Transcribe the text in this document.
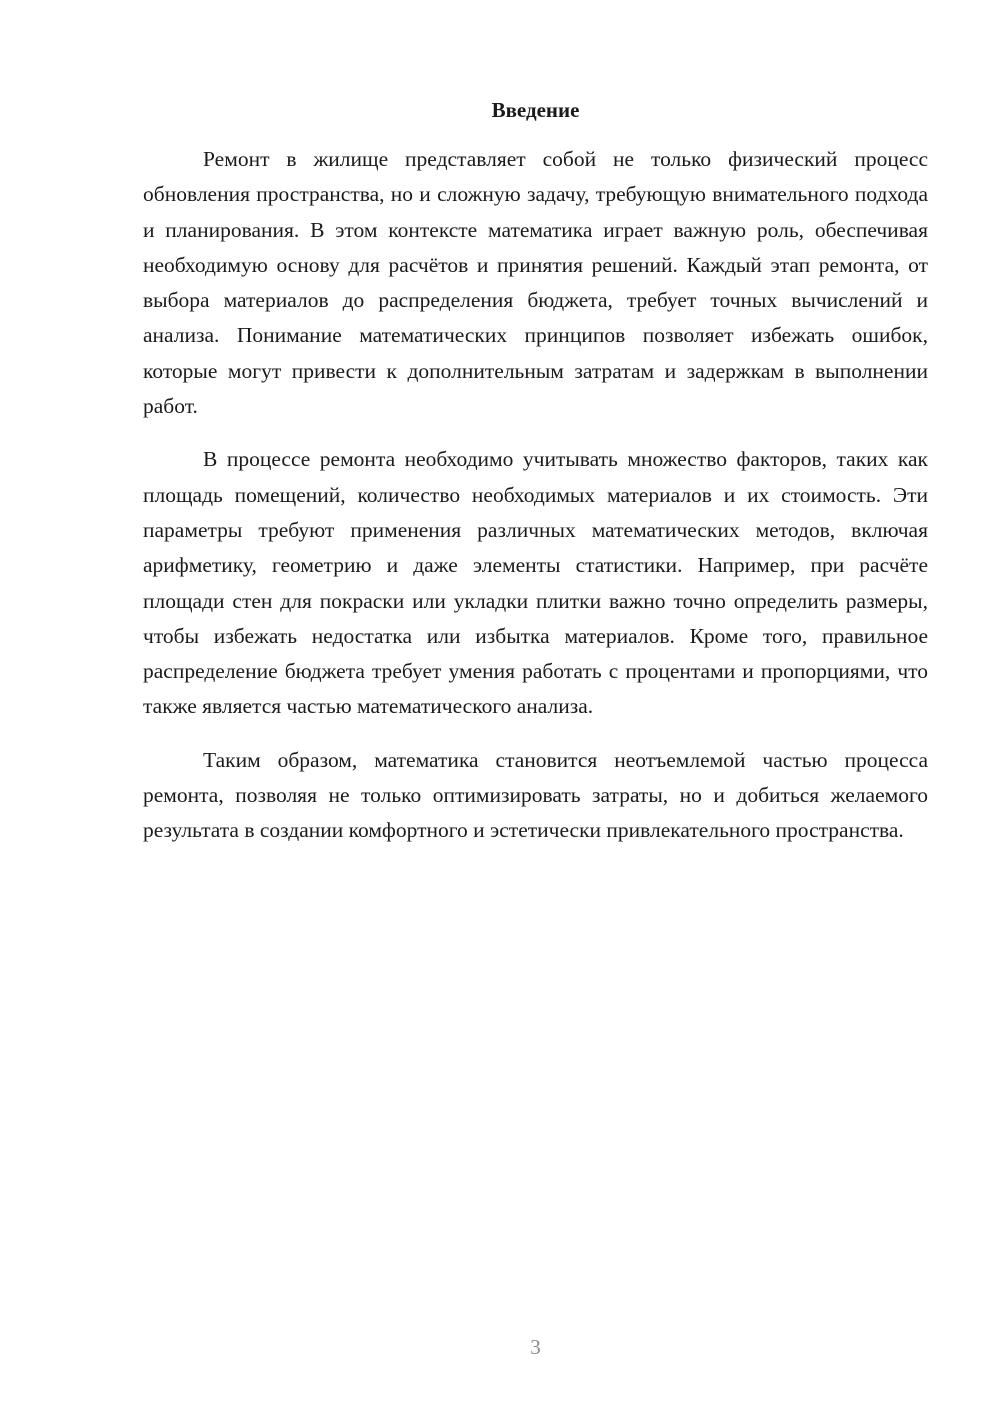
Введение

Ремонт в жилище представляет собой не только физический процесс обновления пространства, но и сложную задачу, требующую внимательного подхода и планирования. В этом контексте математика играет важную роль, обеспечивая необходимую основу для расчётов и принятия решений. Каждый этап ремонта, от выбора материалов до распределения бюджета, требует точных вычислений и анализа. Понимание математических принципов позволяет избежать ошибок, которые могут привести к дополнительным затратам и задержкам в выполнении работ.

В процессе ремонта необходимо учитывать множество факторов, таких как площадь помещений, количество необходимых материалов и их стоимость. Эти параметры требуют применения различных математических методов, включая арифметику, геометрию и даже элементы статистики. Например, при расчёте площади стен для покраски или укладки плитки важно точно определить размеры, чтобы избежать недостатка или избытка материалов. Кроме того, правильное распределение бюджета требует умения работать с процентами и пропорциями, что также является частью математического анализа.

Таким образом, математика становится неотъемлемой частью процесса ремонта, позволяя не только оптимизировать затраты, но и добиться желаемого результата в создании комфортного и эстетически привлекательного пространства.

3
